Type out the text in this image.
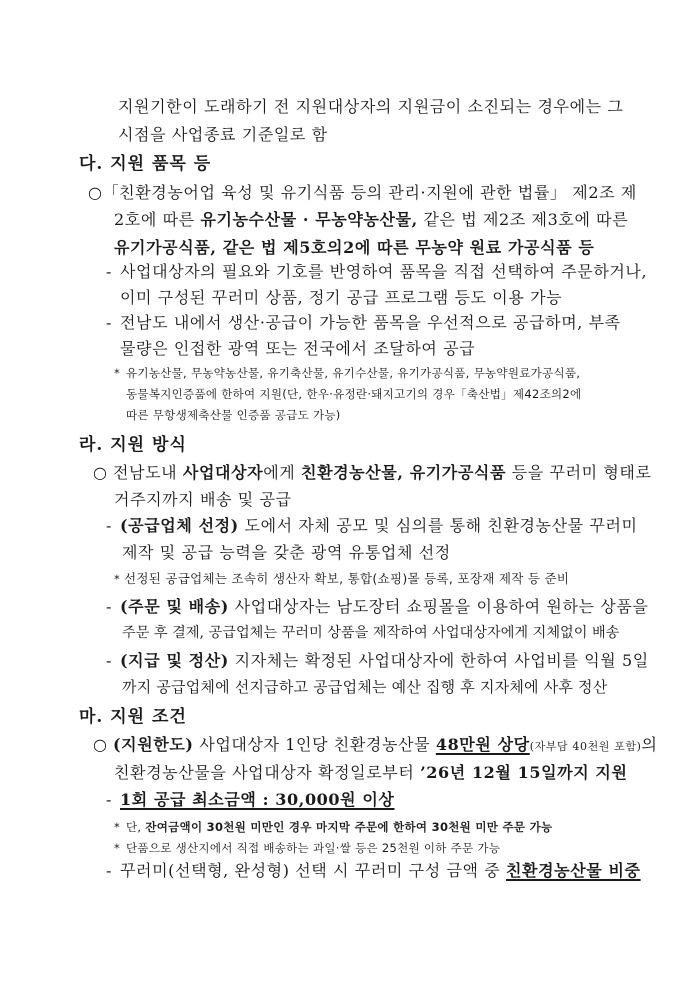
지원기한이 도래하기 전 지원대상자의 지원금이 소진되는 경우에는 그
시점을 사업종료 기준일로 함
다. 지원 품목 등
○「친환경농어업 육성 및 유기식품 등의 관리·지원에 관한 법률」 제2조 제
2호에 따른 유기농수산물 · 무농약농산물, 같은 법 제2조 제3호에 따른
유기가공식품, 같은 법 제5호의2에 따른 무농약 원료 가공식품 등
- 사업대상자의 필요와 기호를 반영하여 품목을 직접 선택하여 주문하거나,
이미 구성된 꾸러미 상품, 정기 공급 프로그램 등도 이용 가능
- 전남도 내에서 생산·공급이 가능한 품목을 우선적으로 공급하며, 부족
물량은 인접한 광역 또는 전국에서 조달하여 공급
* 유기농산물, 무농약농산물, 유기축산물, 유기수산물, 유기가공식품, 무농약원료가공식품,
동물복지인증품에 한하여 지원(단, 한우·유정란·돼지고기의 경우「축산법」제42조의2에
따른 무항생제축산물 인증품 공급도 가능)
라. 지원 방식
○ 전남도내 사업대상자에게 친환경농산물, 유기가공식품 등을 꾸러미 형태로
거주지까지 배송 및 공급
- (공급업체 선정) 도에서 자체 공모 및 심의를 통해 친환경농산물 꾸러미
제작 및 공급 능력을 갖춘 광역 유통업체 선정
* 선정된 공급업체는 조속히 생산자 확보, 통합(쇼핑)몰 등록, 포장재 제작 등 준비
- (주문 및 배송) 사업대상자는 남도장터 쇼핑몰을 이용하여 원하는 상품을
주문 후 결제, 공급업체는 꾸러미 상품을 제작하여 사업대상자에게 지체없이 배송
- (지급 및 정산) 지자체는 확정된 사업대상자에 한하여 사업비를 익월 5일
까지 공급업체에 선지급하고 공급업체는 예산 집행 후 지자체에 사후 정산
마. 지원 조건
○ (지원한도) 사업대상자 1인당 친환경농산물 48만원 상당(자부담 40천원 포함)의
친환경농산물을 사업대상자 확정일로부터 ’26년 12월 15일까지 지원
- 1회 공급 최소금액 : 30,000원 이상
* 단, 잔여금액이 30천원 미만인 경우 마지막 주문에 한하여 30천원 미만 주문 가능
* 단품으로 생산지에서 직접 배송하는 과일·쌀 등은 25천원 이하 주문 가능
- 꾸러미(선택형, 완성형) 선택 시 꾸러미 구성 금액 중 친환경농산물 비중
